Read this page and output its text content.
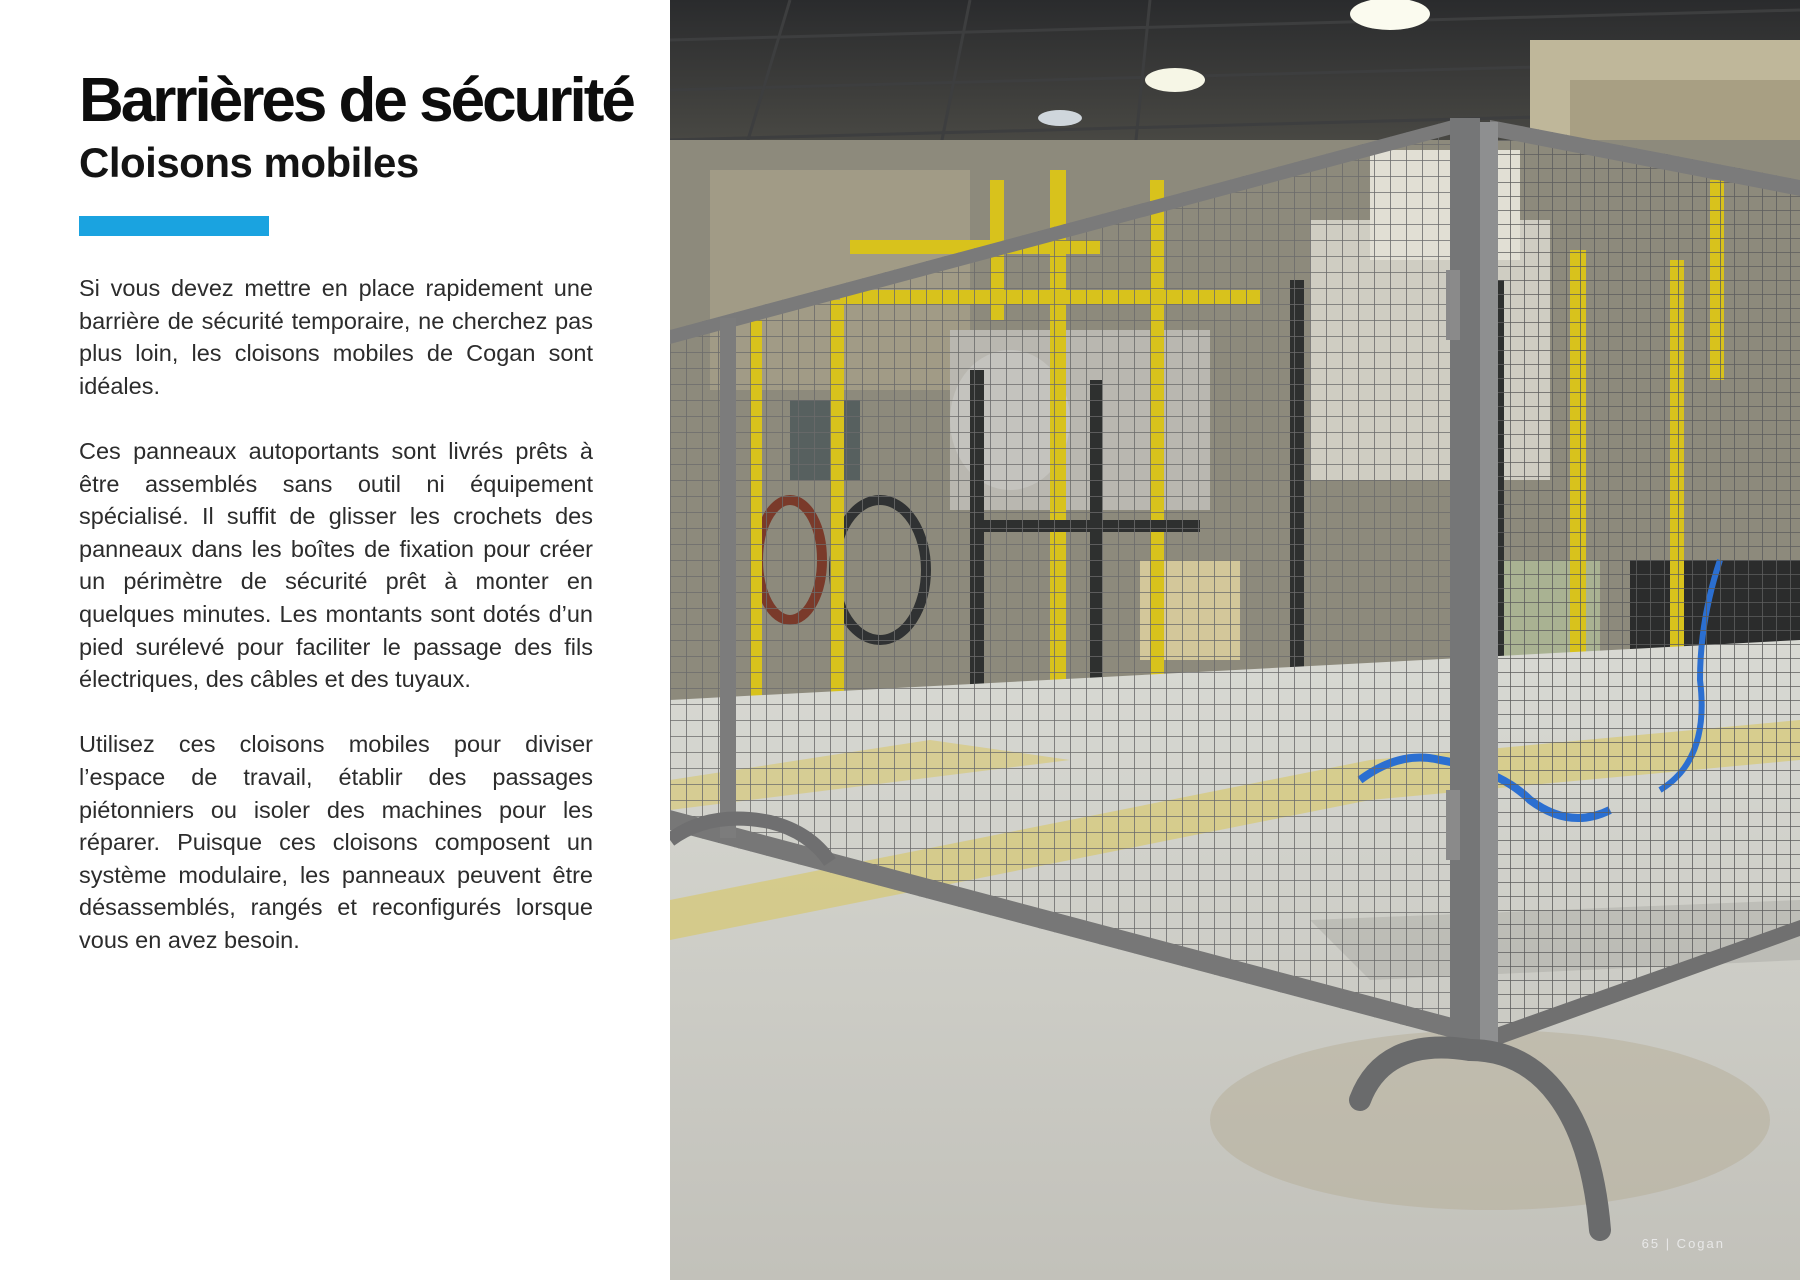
Barrières de sécurité
Cloisons mobiles

Si vous devez mettre en place rapidement une barrière de sécurité temporaire, ne cherchez pas plus loin, les cloisons mobiles de Cogan sont idéales.

Ces panneaux autoportants sont livrés prêts à être assemblés sans outil ni équipement spécialisé. Il suffit de glisser les crochets des panneaux dans les boîtes de fixation pour créer un périmètre de sécurité prêt à monter en quelques minutes. Les montants sont dotés d’un pied surélevé pour faciliter le passage des fils électriques, des câbles et des tuyaux.

Utilisez ces cloisons mobiles pour diviser l’espace de travail, établir des passages piétonniers ou isoler des machines pour les réparer. Puisque ces cloisons composent un système modulaire, les panneaux peuvent être désassemblés, rangés et reconfigurés lorsque vous en avez besoin.

65 | Cogan
